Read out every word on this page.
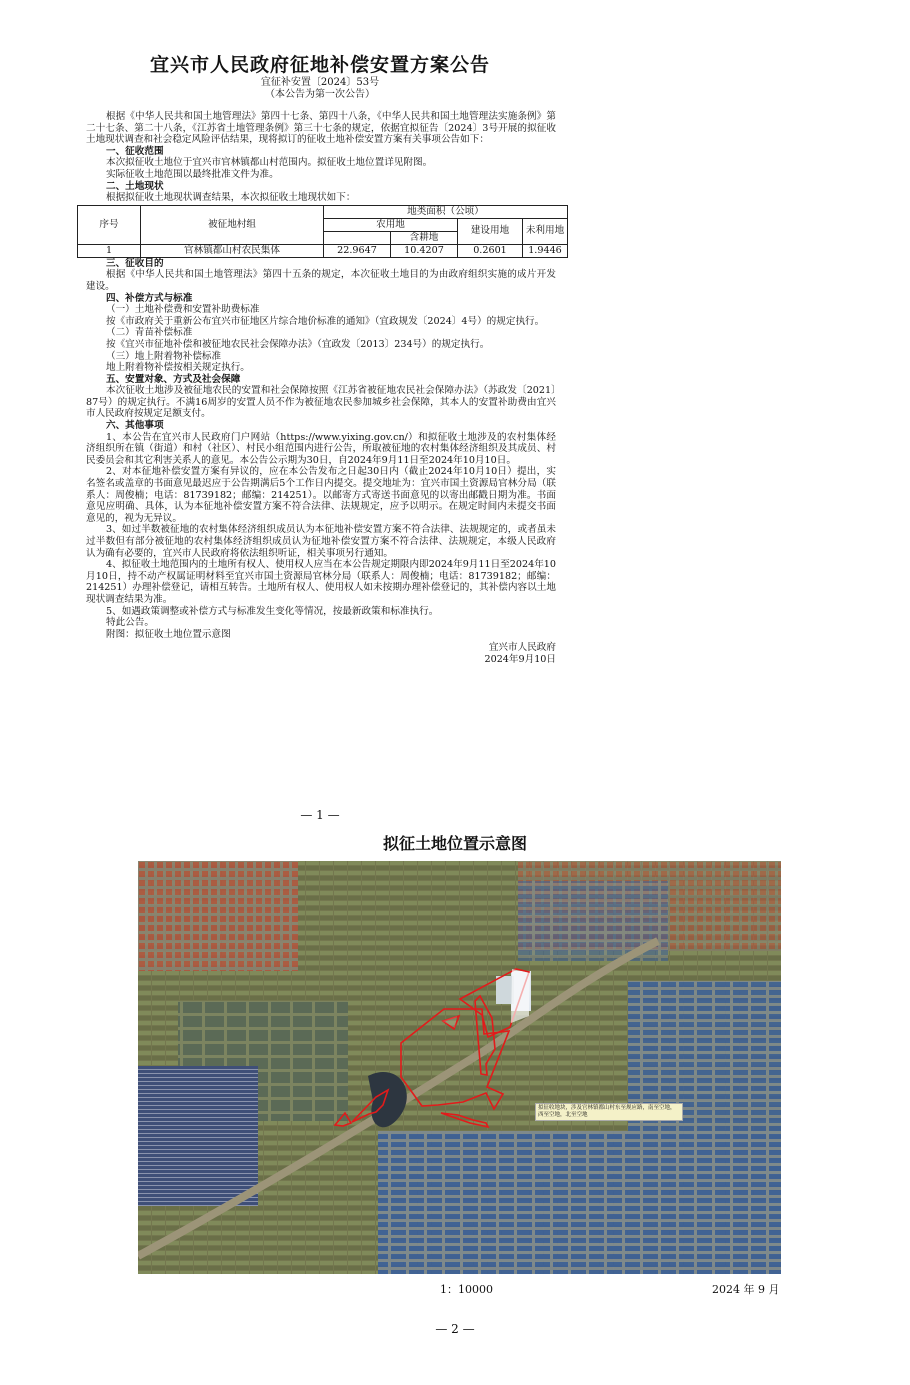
宜兴市人民政府征地补偿安置方案公告
宜征补安置〔2024〕53号
（本公告为第一次公告）

根据《中华人民共和国土地管理法》第四十七条、第四十八条，《中华人民共和国土地管理法实施条例》第二十七条、第二十八条，《江苏省土地管理条例》第三十七条的规定，依据宜拟征告〔2024〕3号开展的拟征收土地现状调查和社会稳定风险评估结果，现将拟订的征收土地补偿安置方案有关事项公告如下：

一、征收范围

本次拟征收土地位于宜兴市官林镇都山村范围内。拟征收土地位置详见附图。

实际征收土地范围以最终批准文件为准。

二、土地现状

根据拟征收土地现状调查结果，本次拟征收土地现状如下：

序号	被征地村组	地类面积（公顷）			
		农用地		建设用地	未利用地
			含耕地		
1	官林镇都山村农民集体	22.9647	10.4207	0.2601	1.9446

三、征收目的

根据《中华人民共和国土地管理法》第四十五条的规定，本次征收土地目的为由政府组织实施的成片开发建设。

四、补偿方式与标准

（一）土地补偿费和安置补助费标准

按《市政府关于重新公布宜兴市征地区片综合地价标准的通知》（宜政规发〔2024〕4号）的规定执行。

（二）青苗补偿标准

按《宜兴市征地补偿和被征地农民社会保障办法》（宜政发〔2013〕234号）的规定执行。

（三）地上附着物补偿标准

地上附着物补偿按相关规定执行。

五、安置对象、方式及社会保障

本次征收土地涉及被征地农民的安置和社会保障按照《江苏省被征地农民社会保障办法》（苏政发〔2021〕87号）的规定执行。不满16周岁的安置人员不作为被征地农民参加城乡社会保障，其本人的安置补助费由宜兴市人民政府按规定足额支付。

六、其他事项

1、本公告在宜兴市人民政府门户网站（https://www.yixing.gov.cn/）和拟征收土地涉及的农村集体经济组织所在镇（街道）和村（社区）、村民小组范围内进行公告，所取被征地的农村集体经济组织及其成员、村民委员会和其它利害关系人的意见。本公告公示期为30日，自2024年9月11日至2024年10月10日。

2、对本征地补偿安置方案有异议的，应在本公告发布之日起30日内（截止2024年10月10日）提出，实名签名或盖章的书面意见最迟应于公告期满后5个工作日内提交。提交地址为：宜兴市国土资源局官林分局（联系人：周俊楠；电话：81739182；邮编：214251）。以邮寄方式寄送书面意见的以寄出邮戳日期为准。书面意见应明确、具体，认为本征地补偿安置方案不符合法律、法规规定，应予以明示。在规定时间内未提交书面意见的，视为无异议。

3、如过半数被征地的农村集体经济组织成员认为本征地补偿安置方案不符合法律、法规规定的，或者虽未过半数但有部分被征地的农村集体经济组织成员认为征地补偿安置方案不符合法律、法规规定，本级人民政府认为确有必要的，宜兴市人民政府将依法组织听证，相关事项另行通知。

4、拟征收土地范围内的土地所有权人、使用权人应当在本公告规定期限内即2024年9月11日至2024年10月10日，持不动产权属证明材料至宜兴市国土资源局官林分局（联系人：周俊楠；电话：81739182；邮编：214251）办理补偿登记，请相互转告。土地所有权人、使用权人如未按期办理补偿登记的，其补偿内容以土地现状调查结果为准。

5、如遇政策调整或补偿方式与标准发生变化等情况，按最新政策和标准执行。

特此公告。

附图：拟征收土地位置示意图

宜兴市人民政府

2024年9月10日

— 1 —
拟征土地位置示意图
拟征收地块，涉及官林镇都山村东至规应路，南至空地，西至空地，北至空地
1：10000	2024 年 9 月
— 2 —
